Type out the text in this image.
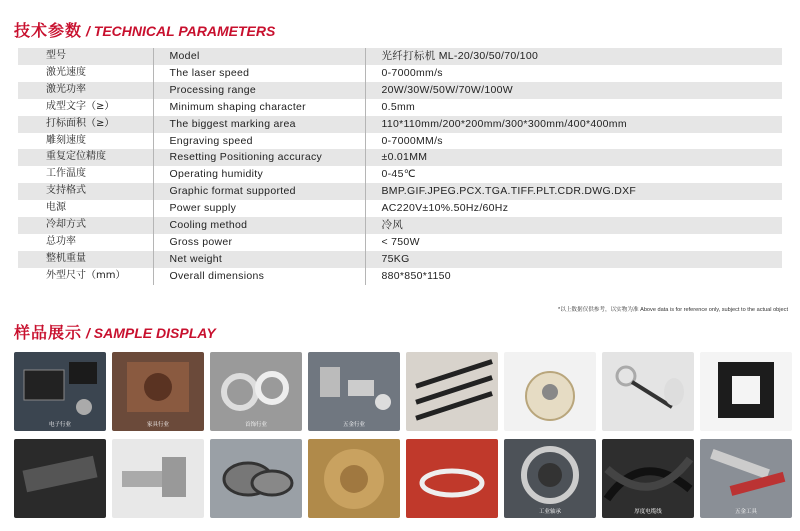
技术参数 / TECHNICAL PARAMETERS
型号	Model	光纤打标机 ML-20/30/50/70/100
激光速度	The laser speed	0-7000mm/s
激光功率	Processing range	20W/30W/50W/70W/100W
成型文字（≥）	Minimum shaping character	0.5mm
打标面积（≥）	The biggest marking area	110*110mm/200*200mm/300*300mm/400*400mm
雕刻速度	Engraving speed	0-7000MM/s
重复定位精度	Resetting Positioning accuracy	±0.01MM
工作温度	Operating humidity	0-45℃
支持格式	Graphic format supported	BMP.GIF.JPEG.PCX.TGA.TIFF.PLT.CDR.DWG.DXF
电源	Power supply	AC220V±10%.50Hz/60Hz
冷却方式	Cooling method	冷风
总功率	Gross power	< 750W
整机重量	Net weight	75KG
外型尺寸（mm）	Overall dimensions	880*850*1150
*以上数据仅供参考，以实物为准 Above data is for reference only, subject to the actual object
样品展示 / SAMPLE DISPLAY
电子行业	家具行业	首饰行业	五金行业
工业轴承	厚度电缆线	五金工具
